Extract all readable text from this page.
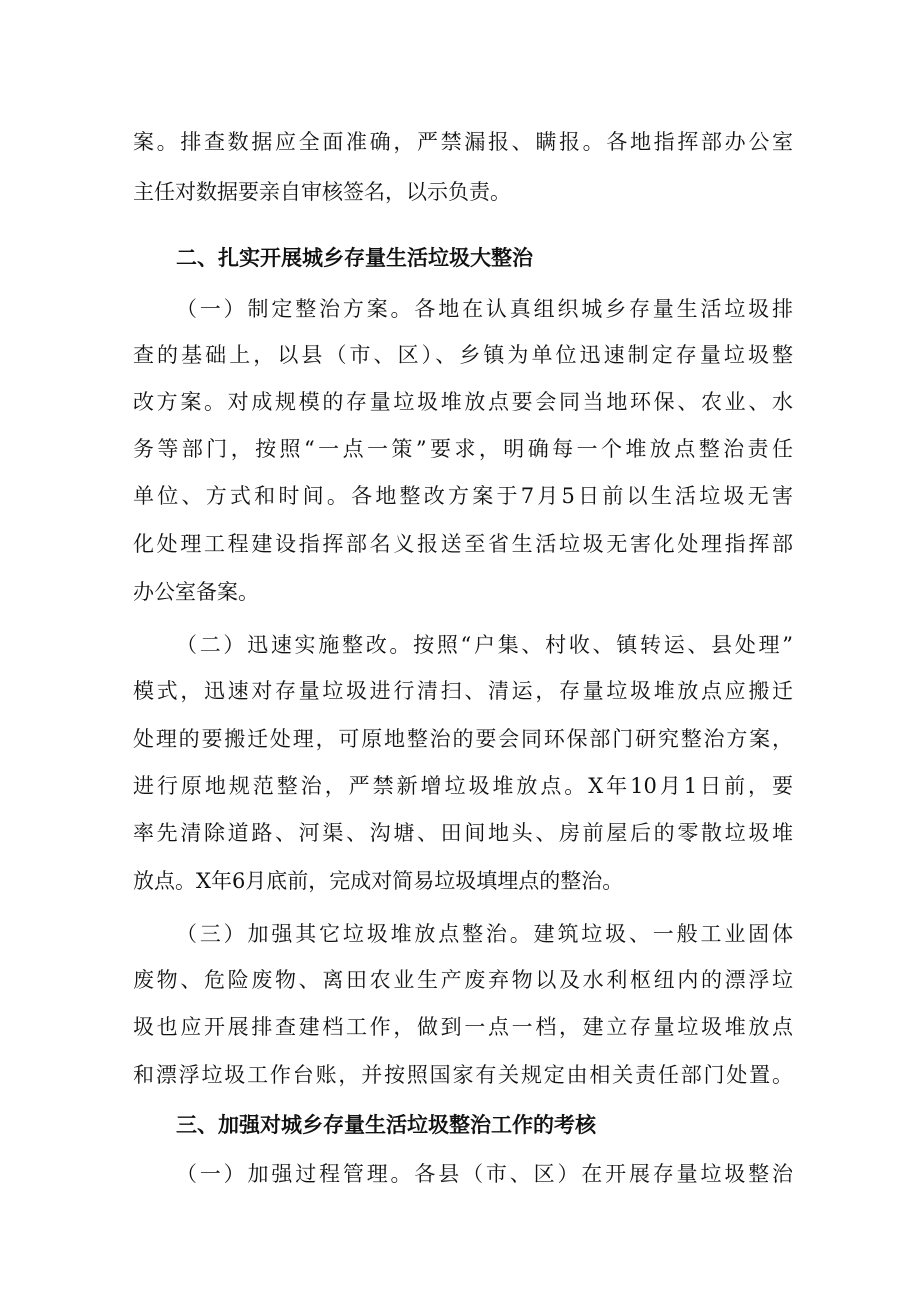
案。排查数据应全面准确，严禁漏报、瞒报。各地指挥部办公室
主任对数据要亲自审核签名，以示负责。
二、扎实开展城乡存量生活垃圾大整治
（一）制定整治方案。各地在认真组织城乡存量生活垃圾排
查的基础上，以县（市、区）、乡镇为单位迅速制定存量垃圾整
改方案。对成规模的存量垃圾堆放点要会同当地环保、农业、水
务等部门，按照“一点一策”要求，明确每一个堆放点整治责任
单位、方式和时间。各地整改方案于7月5日前以生活垃圾无害
化处理工程建设指挥部名义报送至省生活垃圾无害化处理指挥部
办公室备案。
（二）迅速实施整改。按照“户集、村收、镇转运、县处理”
模式，迅速对存量垃圾进行清扫、清运，存量垃圾堆放点应搬迁
处理的要搬迁处理，可原地整治的要会同环保部门研究整治方案，
进行原地规范整治，严禁新增垃圾堆放点。X年10月1日前，要
率先清除道路、河渠、沟塘、田间地头、房前屋后的零散垃圾堆
放点。X年6月底前，完成对简易垃圾填埋点的整治。
（三）加强其它垃圾堆放点整治。建筑垃圾、一般工业固体
废物、危险废物、离田农业生产废弃物以及水利枢纽内的漂浮垃
圾也应开展排查建档工作，做到一点一档，建立存量垃圾堆放点
和漂浮垃圾工作台账，并按照国家有关规定由相关责任部门处置。
三、加强对城乡存量生活垃圾整治工作的考核
（一）加强过程管理。各县（市、区）在开展存量垃圾整治
